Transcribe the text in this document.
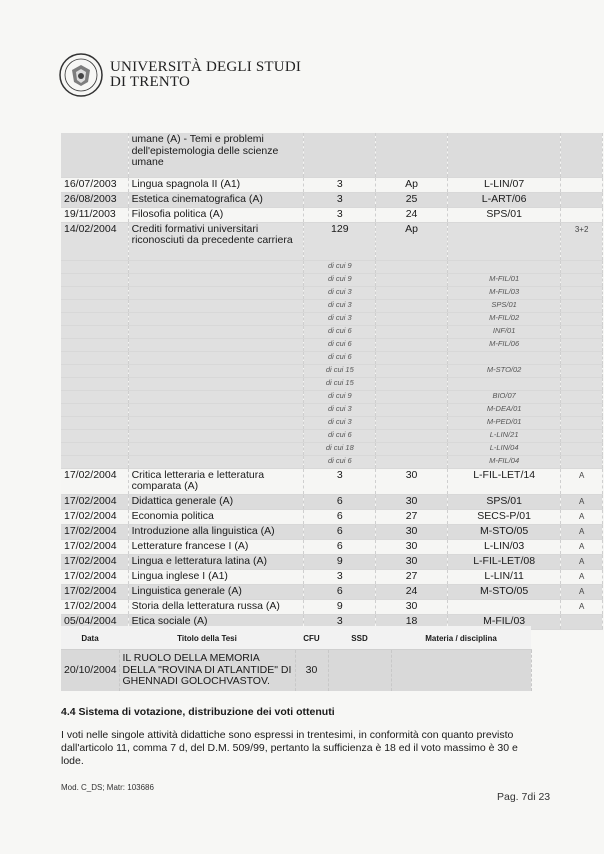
UNIVERSITÀ DEGLI STUDI
DI TRENTO
	umane (A) - Temi e problemi dell'epistemologia delle scienze umane				
16/07/2003	Lingua spagnola II (A1)	3	Ap	L-LIN/07	
26/08/2003	Estetica cinematografica (A)	3	25	L-ART/06	
19/11/2003	Filosofia politica (A)	3	24	SPS/01	
14/02/2004	Crediti formativi universitari riconosciuti da precedente carriera	129	Ap		3+2
		di cui 9			
		di cui 9		M-FIL/01	
		di cui 3		M-FIL/03	
		di cui 3		SPS/01	
		di cui 3		M-FIL/02	
		di cui 6		INF/01	
		di cui 6		M-FIL/06	
		di cui 6			
		di cui 15		M-STO/02	
		di cui 15			
		di cui 9		BIO/07	
		di cui 3		M-DEA/01	
		di cui 3		M-PED/01	
		di cui 6		L-LIN/21	
		di cui 18		L-LIN/04	
		di cui 6		M-FIL/04	
17/02/2004	Critica letteraria e letteratura comparata (A)	3	30	L-FIL-LET/14	A
17/02/2004	Didattica generale (A)	6	30	SPS/01	A
17/02/2004	Economia politica	6	27	SECS-P/01	A
17/02/2004	Introduzione alla linguistica (A)	6	30	M-STO/05	A
17/02/2004	Letterature francese I (A)	6	30	L-LIN/03	A
17/02/2004	Lingua e letteratura latina (A)	9	30	L-FIL-LET/08	A
17/02/2004	Lingua inglese I (A1)	3	27	L-LIN/11	A
17/02/2004	Linguistica generale (A)	6	24	M-STO/05	A
17/02/2004	Storia della letteratura russa (A)	9	30		A
05/04/2004	Etica sociale (A)	3	18	M-FIL/03	
Data	Titolo della Tesi	CFU	SSD	Materia / disciplina
20/10/2004	IL RUOLO DELLA MEMORIA DELLA "ROVINA DI ATLANTIDE" DI GHENNADI GOLOCHVASTOV.	30		
4.4 Sistema di votazione, distribuzione dei voti ottenuti
I voti nelle singole attività didattiche sono espressi in trentesimi, in conformità con quanto previsto dall'articolo 11, comma 7 d, del D.M. 509/99, pertanto la sufficienza è 18 ed il voto massimo è 30 e lode.
Mod. C_DS; Matr: 103686
Pag. 7di 23
